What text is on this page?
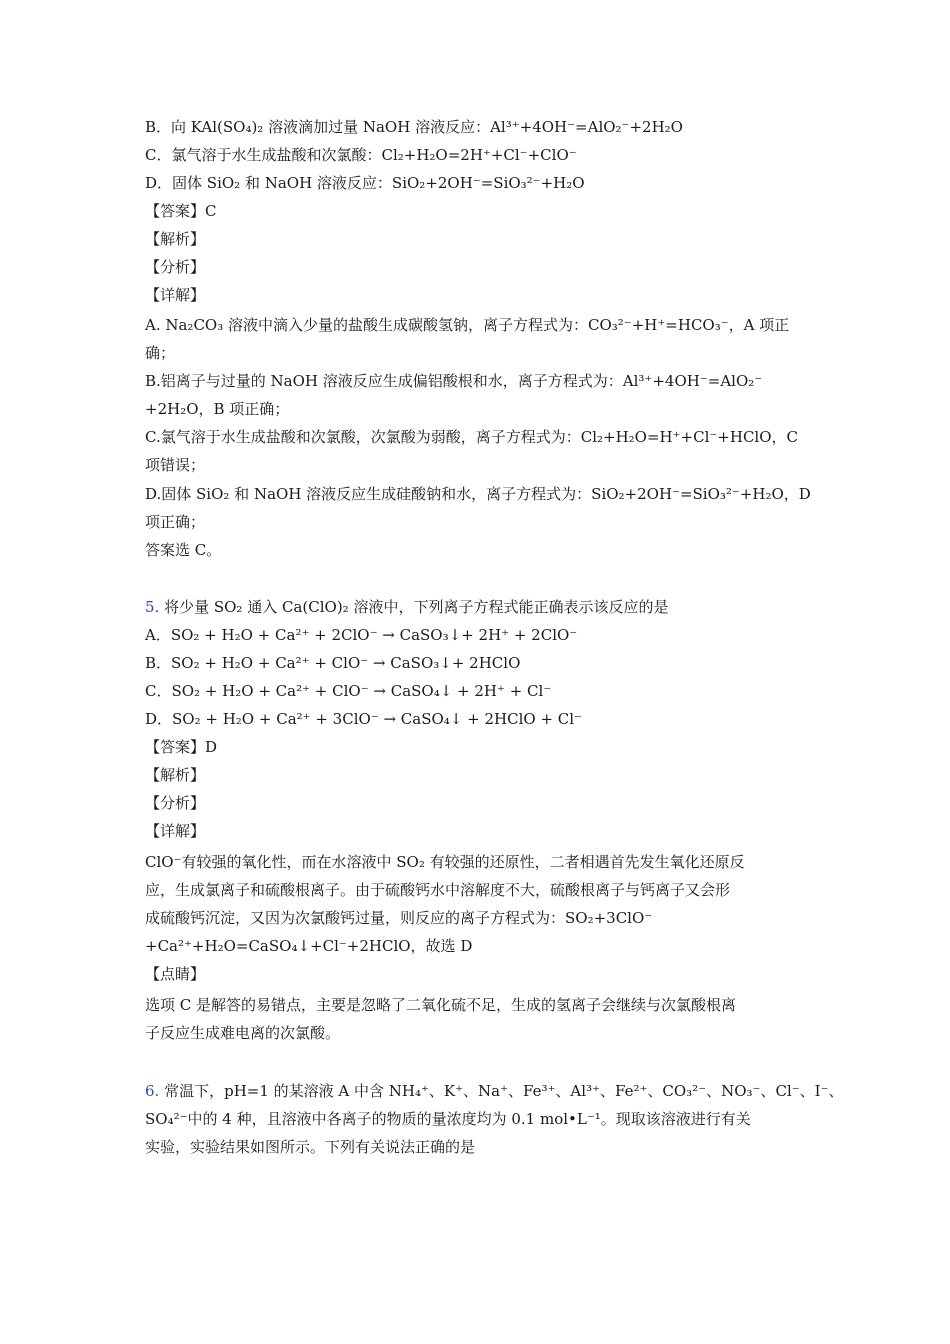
B．向 KAl(SO₄)₂ 溶液滴加过量 NaOH 溶液反应：Al³⁺+4OH⁻=AlO₂⁻+2H₂O
C．氯气溶于水生成盐酸和次氯酸：Cl₂+H₂O=2H⁺+Cl⁻+ClO⁻
D．固体 SiO₂ 和 NaOH 溶液反应：SiO₂+2OH⁻=SiO₃²⁻+H₂O
【答案】C
【解析】
【分析】
【详解】
A. Na₂CO₃ 溶液中滴入少量的盐酸生成碳酸氢钠，离子方程式为：CO₃²⁻+H⁺=HCO₃⁻，A 项正
确；
B.铝离子与过量的 NaOH 溶液反应生成偏铝酸根和水，离子方程式为：Al³⁺+4OH⁻=AlO₂⁻
+2H₂O，B 项正确；
C.氯气溶于水生成盐酸和次氯酸，次氯酸为弱酸，离子方程式为：Cl₂+H₂O=H⁺+Cl⁻+HClO，C
项错误；
D.固体 SiO₂ 和 NaOH 溶液反应生成硅酸钠和水，离子方程式为：SiO₂+2OH⁻=SiO₃²⁻+H₂O，D
项正确；
答案选 C。
5. 将少量 SO₂ 通入 Ca(ClO)₂ 溶液中，下列离子方程式能正确表示该反应的是
A．SO₂ + H₂O + Ca²⁺ + 2ClO⁻ → CaSO₃↓+ 2H⁺ + 2ClO⁻
B．SO₂ + H₂O + Ca²⁺ + ClO⁻ → CaSO₃↓+ 2HClO
C．SO₂ + H₂O + Ca²⁺ + ClO⁻ → CaSO₄↓ + 2H⁺ + Cl⁻
D．SO₂ + H₂O + Ca²⁺ + 3ClO⁻ → CaSO₄↓ + 2HClO + Cl⁻
【答案】D
【解析】
【分析】
【详解】
ClO⁻有较强的氧化性，而在水溶液中 SO₂ 有较强的还原性，二者相遇首先发生氧化还原反
应，生成氯离子和硫酸根离子。由于硫酸钙水中溶解度不大，硫酸根离子与钙离子又会形
成硫酸钙沉淀，又因为次氯酸钙过量，则反应的离子方程式为：SO₂+3ClO⁻
+Ca²⁺+H₂O=CaSO₄↓+Cl⁻+2HClO，故选 D
【点睛】
选项 C 是解答的易错点，主要是忽略了二氧化硫不足，生成的氢离子会继续与次氯酸根离
子反应生成难电离的次氯酸。
6. 常温下，pH=1 的某溶液 A 中含 NH₄⁺、K⁺、Na⁺、Fe³⁺、Al³⁺、Fe²⁺、CO₃²⁻、NO₃⁻、Cl⁻、I⁻、
SO₄²⁻中的 4 种，且溶液中各离子的物质的量浓度均为 0.1 mol•L⁻¹。现取该溶液进行有关
实验，实验结果如图所示。下列有关说法正确的是
